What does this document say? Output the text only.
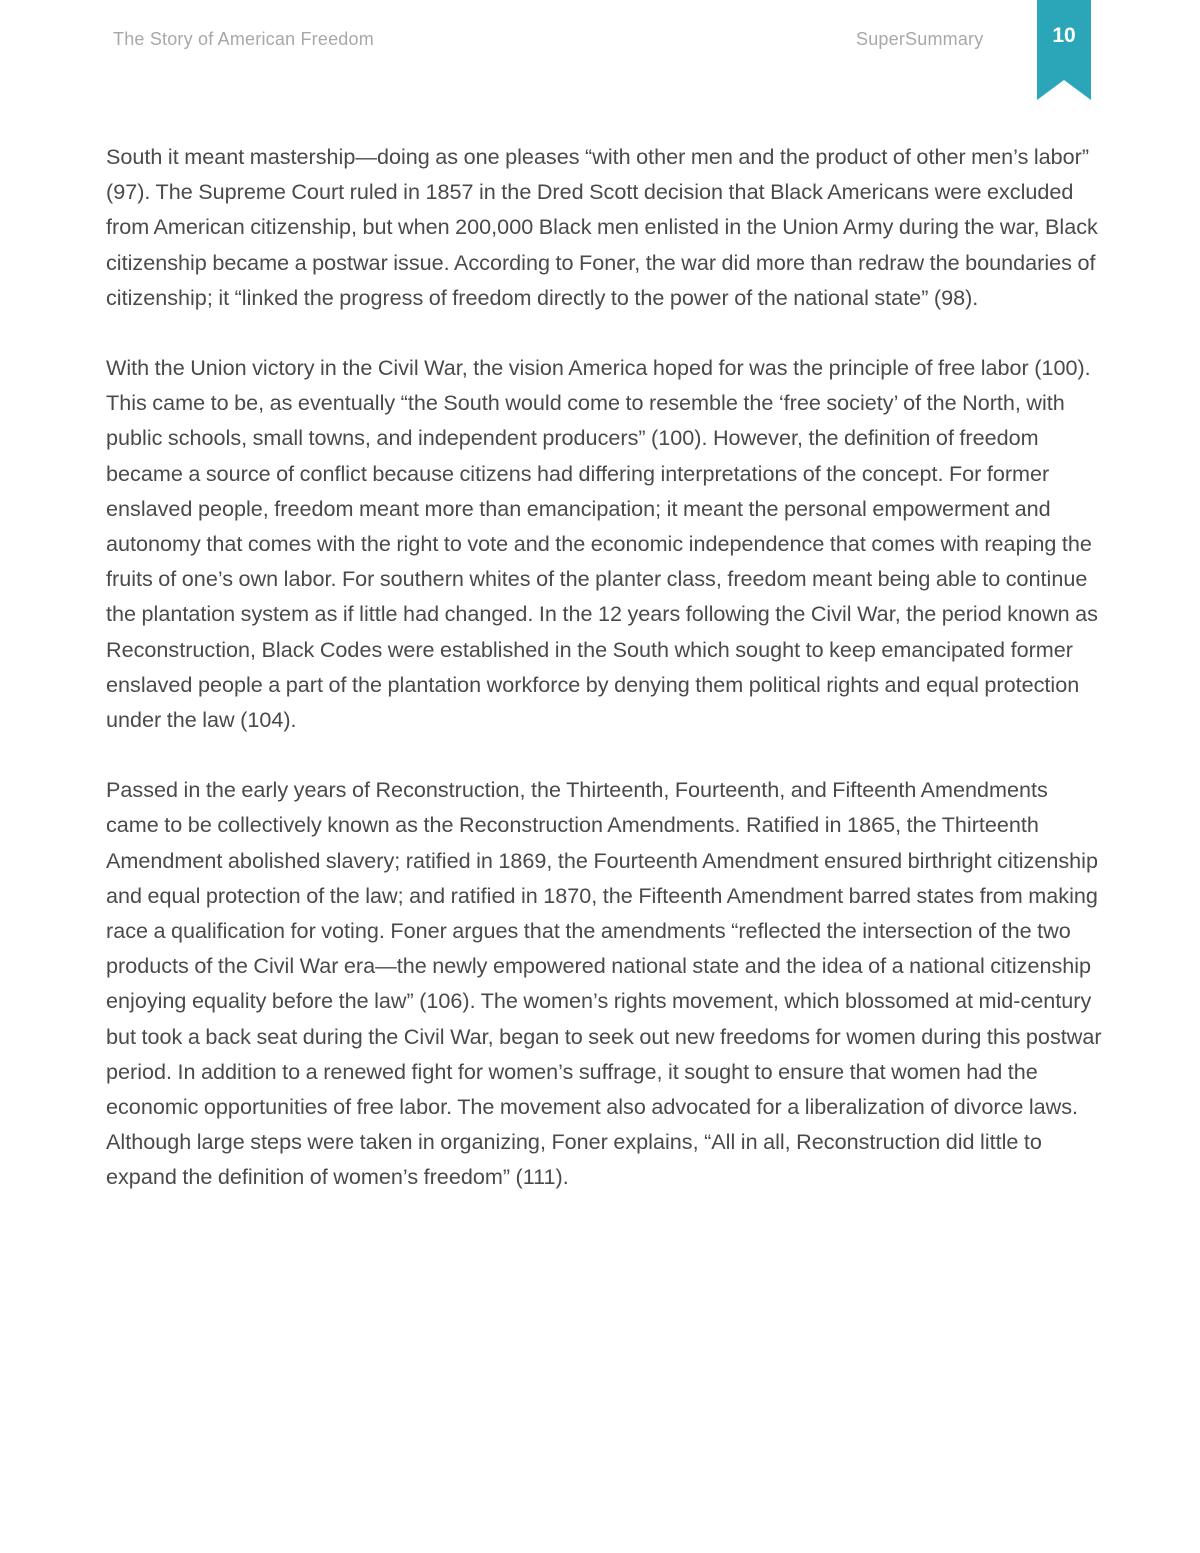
The Story of American Freedom	SuperSummary	10

South it meant mastership—doing as one pleases “with other men and the product of other men’s labor” (97). The Supreme Court ruled in 1857 in the Dred Scott decision that Black Americans were excluded from American citizenship, but when 200,000 Black men enlisted in the Union Army during the war, Black citizenship became a postwar issue. According to Foner, the war did more than redraw the boundaries of citizenship; it “linked the progress of freedom directly to the power of the national state” (98).

With the Union victory in the Civil War, the vision America hoped for was the principle of free labor (100). This came to be, as eventually “the South would come to resemble the ‘free society’ of the North, with public schools, small towns, and independent producers” (100). However, the definition of freedom became a source of conflict because citizens had differing interpretations of the concept. For former enslaved people, freedom meant more than emancipation; it meant the personal empowerment and autonomy that comes with the right to vote and the economic independence that comes with reaping the fruits of one’s own labor. For southern whites of the planter class, freedom meant being able to continue the plantation system as if little had changed. In the 12 years following the Civil War, the period known as Reconstruction, Black Codes were established in the South which sought to keep emancipated former enslaved people a part of the plantation workforce by denying them political rights and equal protection under the law (104).

Passed in the early years of Reconstruction, the Thirteenth, Fourteenth, and Fifteenth Amendments came to be collectively known as the Reconstruction Amendments. Ratified in 1865, the Thirteenth Amendment abolished slavery; ratified in 1869, the Fourteenth Amendment ensured birthright citizenship and equal protection of the law; and ratified in 1870, the Fifteenth Amendment barred states from making race a qualification for voting. Foner argues that the amendments “reflected the intersection of the two products of the Civil War era—the newly empowered national state and the idea of a national citizenship enjoying equality before the law” (106). The women’s rights movement, which blossomed at mid-century but took a back seat during the Civil War, began to seek out new freedoms for women during this postwar period. In addition to a renewed fight for women’s suffrage, it sought to ensure that women had the economic opportunities of free labor. The movement also advocated for a liberalization of divorce laws. Although large steps were taken in organizing, Foner explains, “All in all, Reconstruction did little to expand the definition of women’s freedom” (111).
